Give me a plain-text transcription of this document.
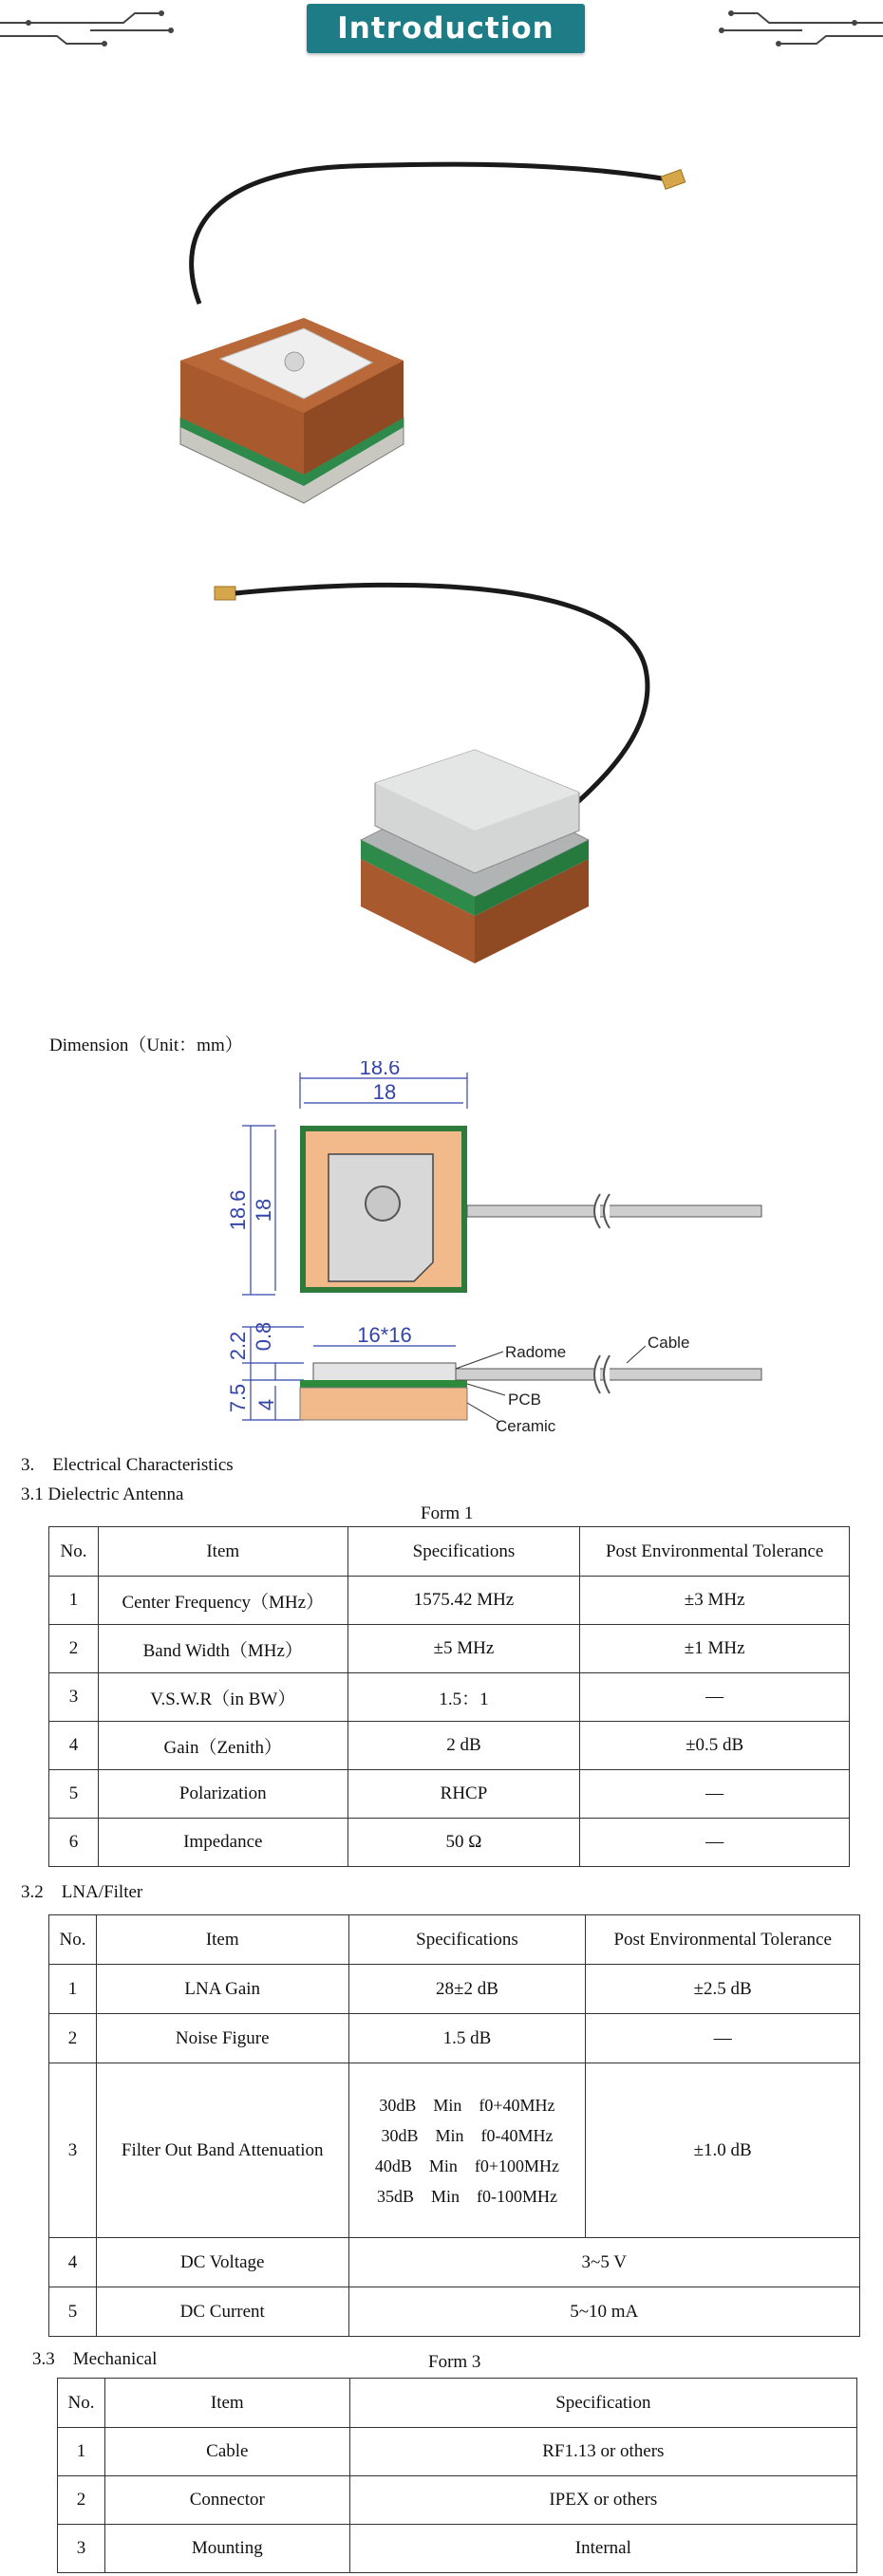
Introduction
Dimension（Unit：mm）
18.6
18
18.6 18
16*16
2.2 0.8
7.5 4
Radome
PCB
Ceramic
Cable
3.    Electrical Characteristics
3.1 Dielectric Antenna
Form 1
No.	Item	Specifications	Post Environmental Tolerance
1	Center Frequency（MHz）	1575.42 MHz	±3 MHz
2	Band Width（MHz）	±5 MHz	±1 MHz
3	V.S.W.R（in BW）	1.5：1	—
4	Gain（Zenith）	2 dB	±0.5 dB
5	Polarization	RHCP	—
6	Impedance	50 Ω	—
3.2    LNA/Filter
No.	Item	Specifications	Post Environmental Tolerance
1	LNA Gain	28±2 dB	±2.5 dB
2	Noise Figure	1.5 dB	—
3	Filter Out Band Attenuation	30dB    Min    f0+40MHz
30dB    Min    f0-40MHz
40dB    Min    f0+100MHz
35dB    Min    f0-100MHz	±1.0 dB
4	DC Voltage	3~5 V	
5	DC Current	5~10 mA	
3.3    Mechanical	Form 3
No.	Item	Specification
1	Cable	RF1.13 or others
2	Connector	IPEX or others
3	Mounting	Internal
